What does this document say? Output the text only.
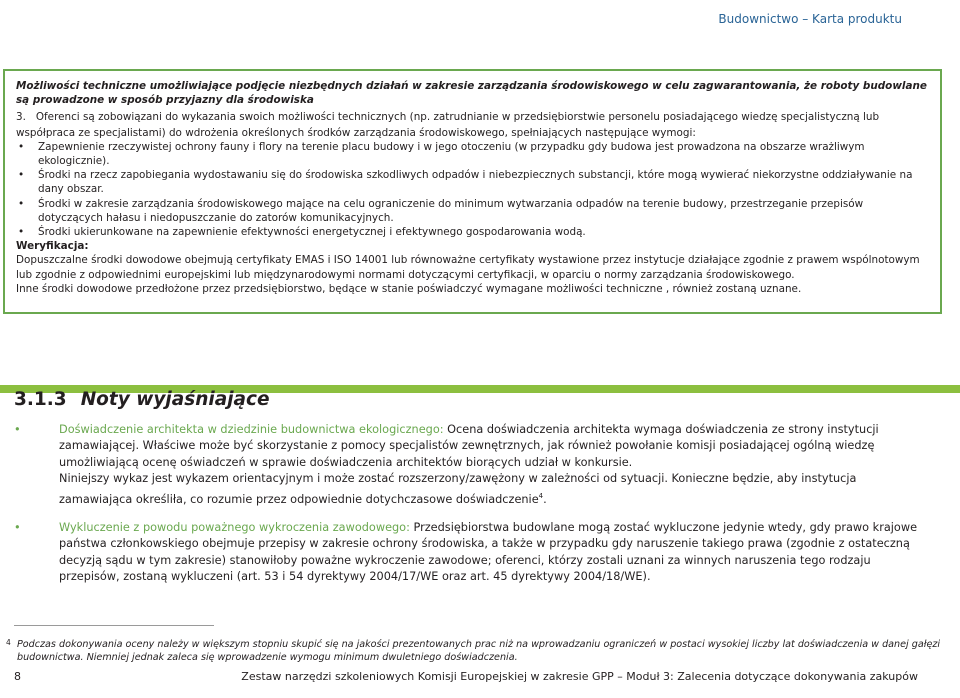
Budownictwo – Karta produktu

Możliwości techniczne umożliwiające podjęcie niezbędnych działań w zakresie zarządzania środowiskowego w celu zagwarantowania, że roboty budowlane są prowadzone w sposób przyjazny dla środowiska

3. Oferenci są zobowiązani do wykazania swoich możliwości technicznych (np. zatrudnianie w przedsiębiorstwie personelu posiadającego wiedzę specjalistyczną lub

współpraca ze specjalistami) do wdrożenia określonych środków zarządzania środowiskowego, spełniających następujące wymogi:

• Zapewnienie rzeczywistej ochrony fauny i flory na terenie placu budowy i w jego otoczeniu (w przypadku gdy budowa jest prowadzona na obszarze wrażliwym ekologicznie).
• Środki na rzecz zapobiegania wydostawaniu się do środowiska szkodliwych odpadów i niebezpiecznych substancji, które mogą wywierać niekorzystne oddziaływanie na dany obszar.
• Środki w zakresie zarządzania środowiskowego mające na celu ograniczenie do minimum wytwarzania odpadów na terenie budowy, przestrzeganie przepisów dotyczących hałasu i niedopuszczanie do zatorów komunikacyjnych.
• Środki ukierunkowane na zapewnienie efektywności energetycznej i efektywnego gospodarowania wodą.

Weryfikacja:

Dopuszczalne środki dowodowe obejmują certyfikaty EMAS i ISO 14001 lub równoważne certyfikaty wystawione przez instytucje działające zgodnie z prawem wspólnotowym lub zgodnie z odpowiednimi europejskimi lub międzynarodowymi normami dotyczącymi certyfikacji, w oparciu o normy zarządzania środowiskowego.

Inne środki dowodowe przedłożone przez przedsiębiorstwo, będące w stanie poświadczyć wymagane możliwości techniczne , również zostaną uznane.

3.1.3 Noty wyjaśniające
•	Doświadczenie architekta w dziedzinie budownictwa ekologicznego: Ocena doświadczenia architekta wymaga doświadczenia ze strony instytucji zamawiającej. Właściwe może być skorzystanie z pomocy specjalistów zewnętrznych, jak również powołanie komisji posiadającej ogólną wiedzę umożliwiającą ocenę oświadczeń w sprawie doświadczenia architektów biorących udział w konkursie.
Niniejszy wykaz jest wykazem orientacyjnym i może zostać rozszerzony/zawężony w zależności od sytuacji. Konieczne będzie, aby instytucja zamawiająca określiła, co rozumie przez odpowiednie dotychczasowe doświadczenie$^4$.
•	Wykluczenie z powodu poważnego wykroczenia zawodowego: Przedsiębiorstwa budowlane mogą zostać wykluczone jedynie wtedy, gdy prawo krajowe państwa członkowskiego obejmuje przepisy w zakresie ochrony środowiska, a także w przypadku gdy naruszenie takiego prawa (zgodnie z ostateczną decyzją sądu w tym zakresie) stanowiłoby poważne wykroczenie zawodowe; oferenci, którzy zostali uznani za winnych naruszenia tego rodzaju przepisów, zostaną wykluczeni (art. 53 i 54 dyrektywy 2004/17/WE oraz art. 45 dyrektywy 2004/18/WE).
4 Podczas dokonywania oceny należy w większym stopniu skupić się na jakości prezentowanych prac niż na wprowadzaniu ograniczeń w postaci wysokiej liczby lat doświadczenia w danej gałęzi budownictwa. Niemniej jednak zaleca się wprowadzenie wymogu minimum dwuletniego doświadczenia.
8	Zestaw narzędzi szkoleniowych Komisji Europejskiej w zakresie GPP – Moduł 3: Zalecenia dotyczące dokonywania zakupów
